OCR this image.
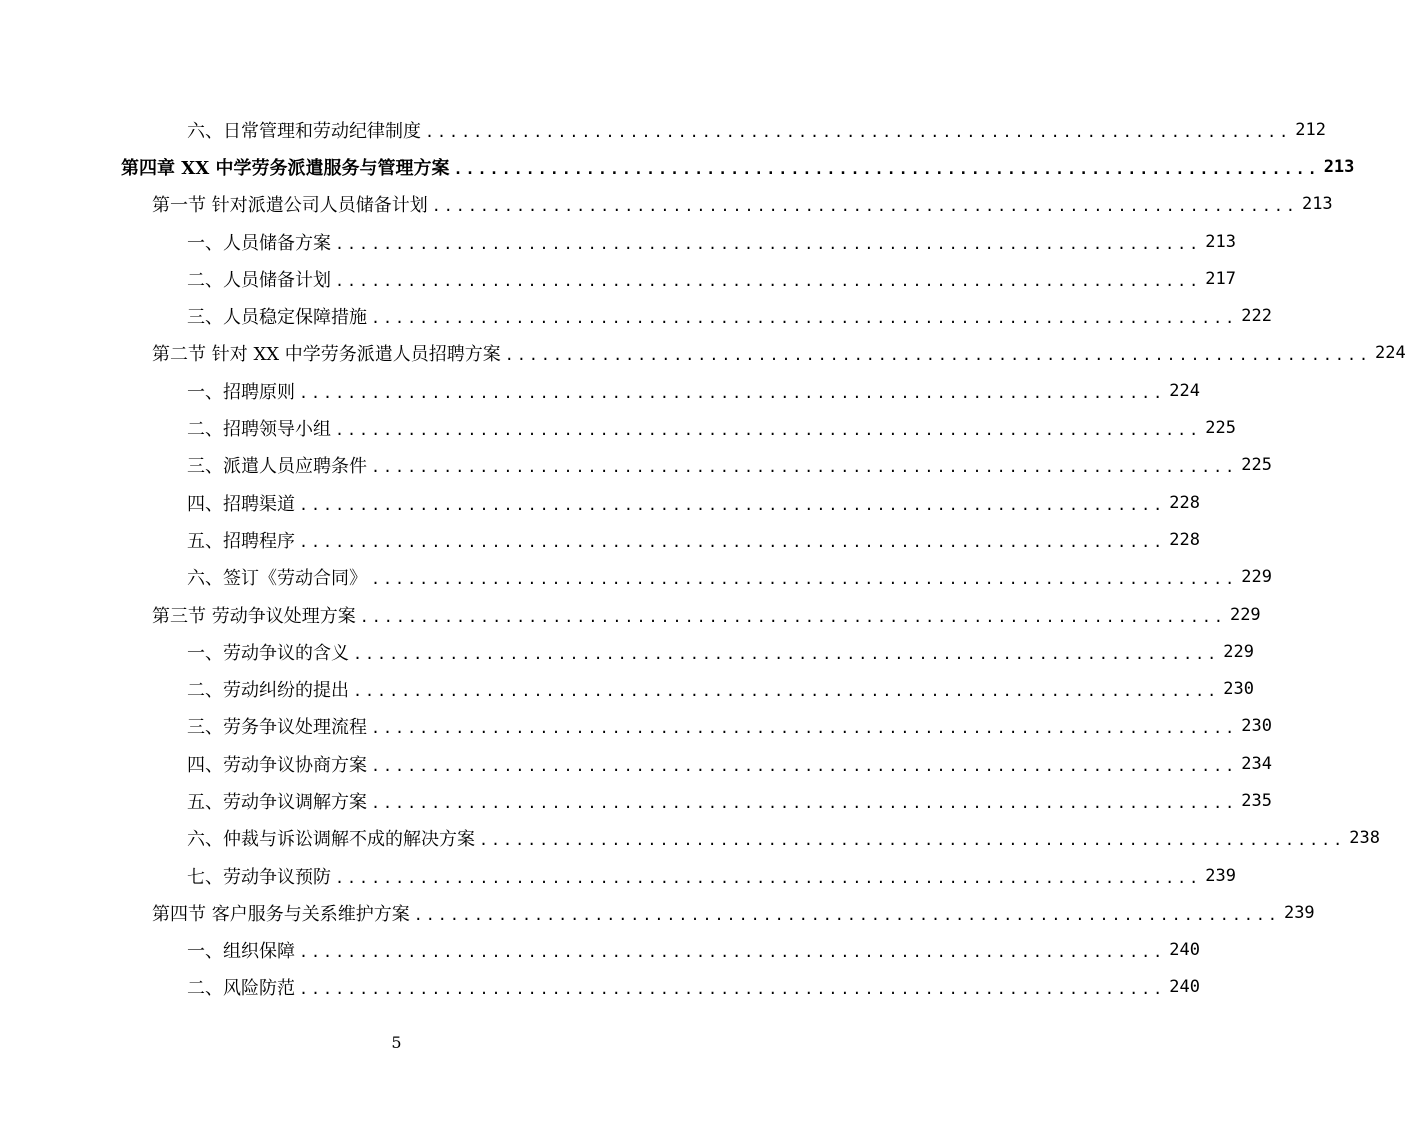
六、日常管理和劳动纪律制度 ........................................................................ 212
第四章 XX 中学劳务派遣服务与管理方案 ........................................................................ 213
第一节 针对派遣公司人员储备计划 ........................................................................ 213
一、人员储备方案 ........................................................................ 213
二、人员储备计划 ........................................................................ 217
三、人员稳定保障措施 ........................................................................ 222
第二节 针对 XX 中学劳务派遣人员招聘方案 ........................................................................ 224
一、招聘原则 ........................................................................ 224
二、招聘领导小组 ........................................................................ 225
三、派遣人员应聘条件 ........................................................................ 225
四、招聘渠道 ........................................................................ 228
五、招聘程序 ........................................................................ 228
六、签订《劳动合同》 ........................................................................ 229
第三节 劳动争议处理方案 ........................................................................ 229
一、劳动争议的含义 ........................................................................ 229
二、劳动纠纷的提出 ........................................................................ 230
三、劳务争议处理流程 ........................................................................ 230
四、劳动争议协商方案 ........................................................................ 234
五、劳动争议调解方案 ........................................................................ 235
六、仲裁与诉讼调解不成的解决方案 ........................................................................ 238
七、劳动争议预防 ........................................................................ 239
第四节 客户服务与关系维护方案 ........................................................................ 239
一、组织保障 ........................................................................ 240
二、风险防范 ........................................................................ 240
5
